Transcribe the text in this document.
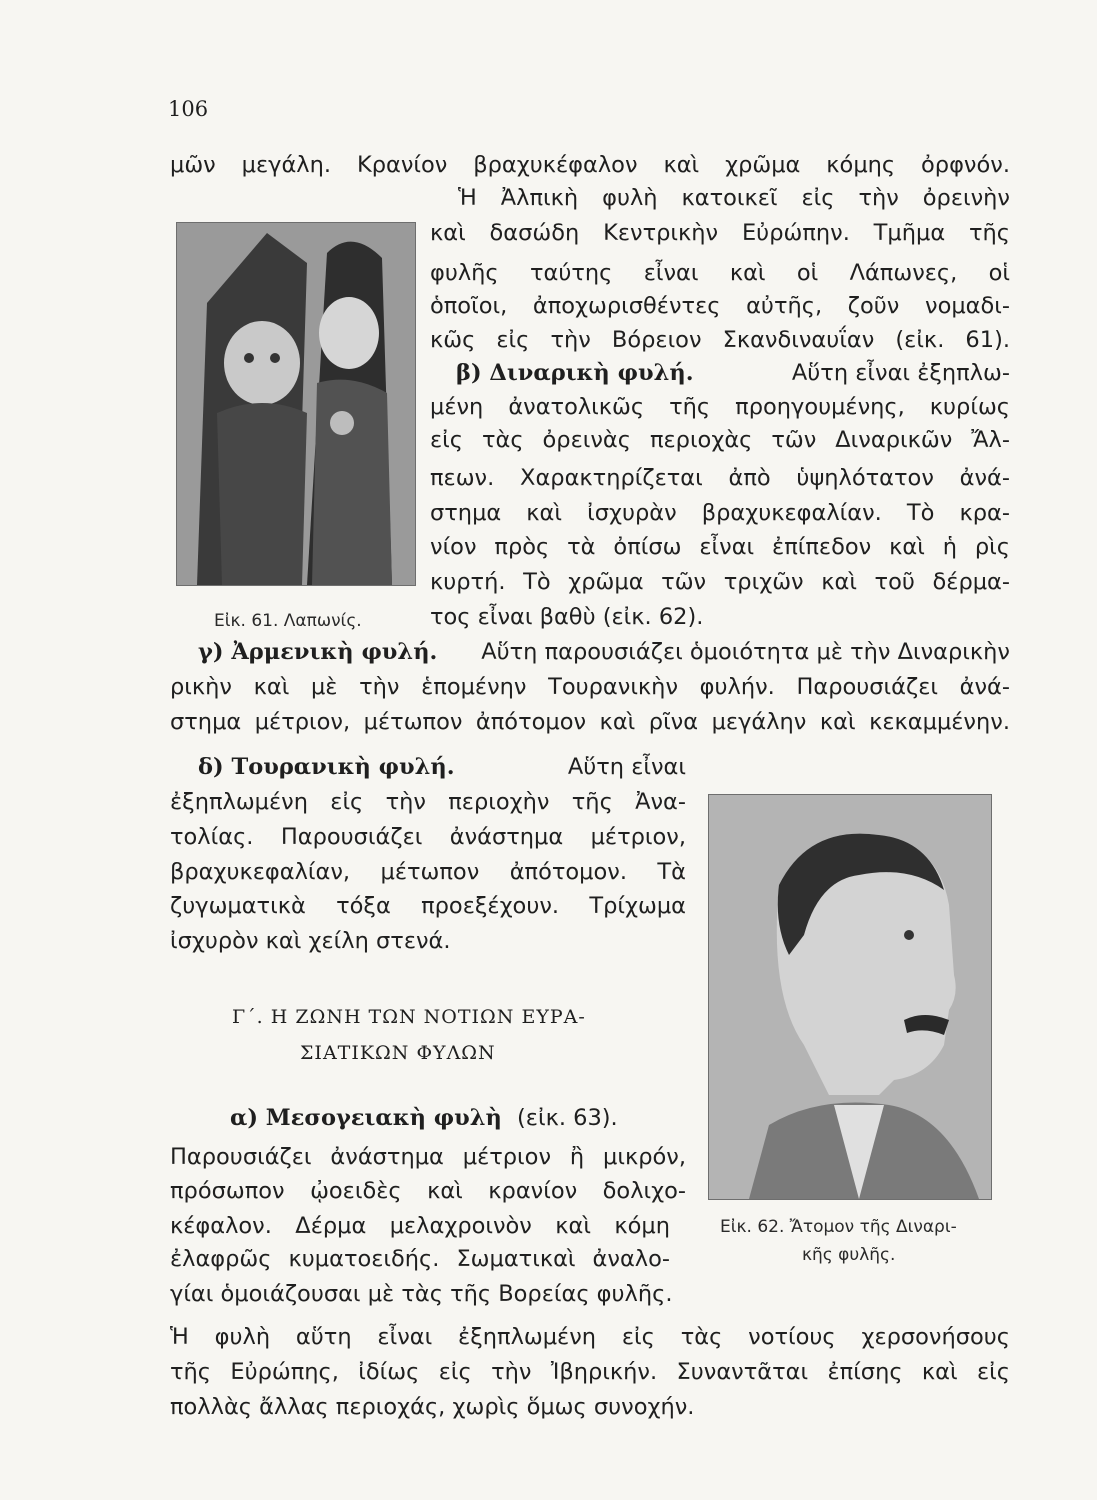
106
μῶν μεγάλη. Κρανίον βραχυκέφαλον καὶ χρῶμα κόμης ὀρφνόν.
Ἡ Ἀλπικὴ φυλὴ κατοικεῖ εἰς τὴν ὀρεινὴν
καὶ δασώδη Κεντρικὴν Εὐρώπην. Τμῆμα τῆς
φυλῆς ταύτης εἶναι καὶ οἱ Λάπωνες, οἱ
ὁποῖοι, ἀποχωρισθέντες αὐτῆς, ζοῦν νομαδι-
κῶς εἰς τὴν Βόρειον Σκανδιναυΐαν (εἰκ. 61).
Εἰκ. 61. Λαπωνίς.
β) Διναρικὴ φυλή.	Αὕτη εἶναι ἐξηπλω-
μένη ἀνατολικῶς τῆς προηγουμένης, κυρίως
εἰς τὰς ὀρεινὰς περιοχὰς τῶν Διναρικῶν Ἄλ-
πεων. Χαρακτηρίζεται ἀπὸ ὑψηλότατον ἀνά-
στημα καὶ ἰσχυρὰν βραχυκεφαλίαν. Τὸ κρα-
νίον πρὸς τὰ ὀπίσω εἶναι ἐπίπεδον καὶ ἡ ρὶς
κυρτή. Τὸ χρῶμα τῶν τριχῶν καὶ τοῦ δέρμα-
τος εἶναι βαθὺ (εἰκ. 62).
γ) Ἀρμενικὴ φυλή. Αὕτη παρουσιάζει ὁμοιότητα μὲ τὴν Διναρικὴν
ρικὴν καὶ μὲ τὴν ἑπομένην Τουρανικὴν φυλήν. Παρουσιάζει ἀνά-
στημα μέτριον, μέτωπον ἀπότομον καὶ ρῖνα μεγάλην καὶ κεκαμμένην.
δ) Τουρανικὴ φυλή.	Αὕτη εἶναι
ἐξηπλωμένη εἰς τὴν περιοχὴν τῆς Ἀνα-
τολίας. Παρουσιάζει ἀνάστημα μέτριον,
βραχυκεφαλίαν, μέτωπον ἀπότομον. Τὰ
ζυγωματικὰ τόξα προεξέχουν. Τρίχωμα
ἰσχυρὸν καὶ χείλη στενά.
Γ΄. Η ΖΩΝΗ ΤΩΝ ΝΟΤΙΩΝ ΕΥΡΑ-
ΣΙΑΤΙΚΩΝ ΦΥΛΩΝ
α) Μεσογειακὴ φυλὴ (εἰκ. 63).
Παρουσιάζει ἀνάστημα μέτριον ἢ μικρόν,
πρόσωπον ᾠοειδὲς καὶ κρανίον δολιχο-
κέφαλον. Δέρμα μελαχροινὸν καὶ κόμη
ἐλαφρῶς κυματοειδής. Σωματικαὶ ἀναλο-
γίαι ὁμοιάζουσαι μὲ τὰς τῆς Βορείας φυλῆς.
Εἰκ. 62. Ἄτομον τῆς Διναρι-
κῆς φυλῆς.
Ἡ φυλὴ αὕτη εἶναι ἐξηπλωμένη εἰς τὰς νοτίους χερσονήσους
τῆς Εὐρώπης, ἰδίως εἰς τὴν Ἰβηρικήν. Συναντᾶται ἐπίσης καὶ εἰς
πολλὰς ἄλλας περιοχάς, χωρὶς ὅμως συνοχήν.
